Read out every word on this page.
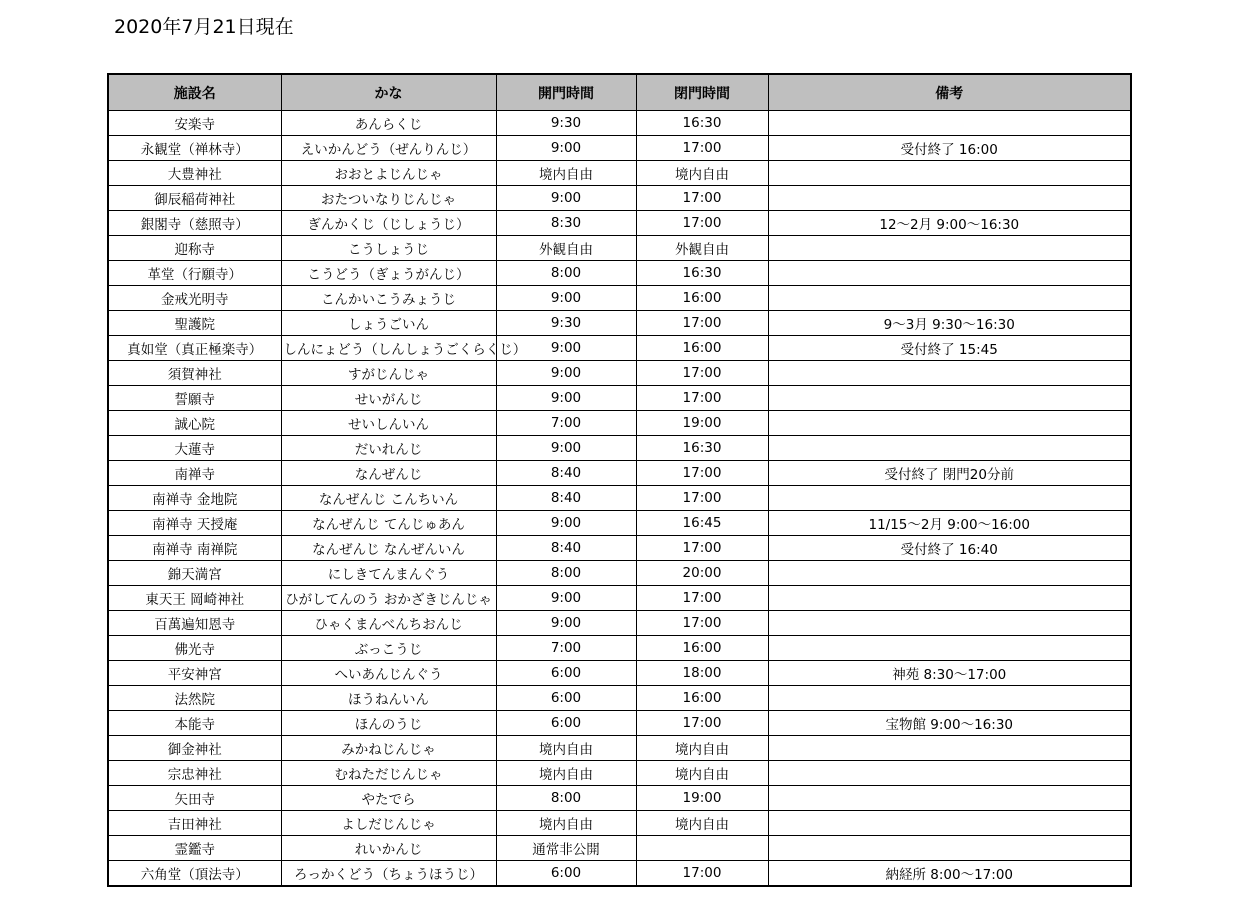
2020年7月21日現在
施設名	かな	開門時間	閉門時間	備考
安楽寺	あんらくじ	9:30	16:30	
永観堂（禅林寺）	えいかんどう（ぜんりんじ）	9:00	17:00	受付終了 16:00
大豊神社	おおとよじんじゃ	境内自由	境内自由	
御辰稲荷神社	おたついなりじんじゃ	9:00	17:00	
銀閣寺（慈照寺）	ぎんかくじ（じしょうじ）	8:30	17:00	12～2月 9:00～16:30
迎称寺	こうしょうじ	外観自由	外観自由	
革堂（行願寺）	こうどう（ぎょうがんじ）	8:00	16:30	
金戒光明寺	こんかいこうみょうじ	9:00	16:00	
聖護院	しょうごいん	9:30	17:00	9～3月 9:30～16:30
真如堂（真正極楽寺）	しんにょどう（しんしょうごくらくじ）	9:00	16:00	受付終了 15:45
須賀神社	すがじんじゃ	9:00	17:00	
誓願寺	せいがんじ	9:00	17:00	
誠心院	せいしんいん	7:00	19:00	
大蓮寺	だいれんじ	9:00	16:30	
南禅寺	なんぜんじ	8:40	17:00	受付終了 閉門20分前
南禅寺 金地院	なんぜんじ こんちいん	8:40	17:00	
南禅寺 天授庵	なんぜんじ てんじゅあん	9:00	16:45	11/15～2月 9:00～16:00
南禅寺 南禅院	なんぜんじ なんぜんいん	8:40	17:00	受付終了 16:40
錦天満宮	にしきてんまんぐう	8:00	20:00	
東天王 岡崎神社	ひがしてんのう おかざきじんじゃ	9:00	17:00	
百萬遍知恩寺	ひゃくまんべんちおんじ	9:00	17:00	
佛光寺	ぶっこうじ	7:00	16:00	
平安神宮	へいあんじんぐう	6:00	18:00	神苑 8:30～17:00
法然院	ほうねんいん	6:00	16:00	
本能寺	ほんのうじ	6:00	17:00	宝物館 9:00～16:30
御金神社	みかねじんじゃ	境内自由	境内自由	
宗忠神社	むねただじんじゃ	境内自由	境内自由	
矢田寺	やたでら	8:00	19:00	
吉田神社	よしだじんじゃ	境内自由	境内自由	
霊鑑寺	れいかんじ	通常非公開		
六角堂（頂法寺）	ろっかくどう（ちょうほうじ）	6:00	17:00	納経所 8:00～17:00
